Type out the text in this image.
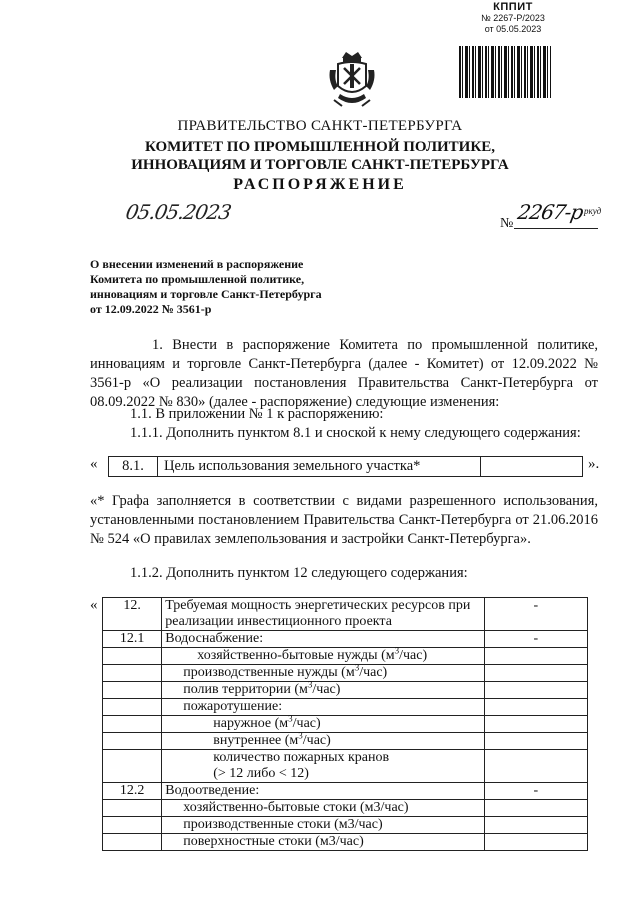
КППИТ
№ 2267-Р/2023
от 05.05.2023
ПРАВИТЕЛЬСТВО САНКТ-ПЕТЕРБУРГА
КОМИТЕТ ПО ПРОМЫШЛЕННОЙ ПОЛИТИКЕ,
ИННОВАЦИЯМ И ТОРГОВЛЕ САНКТ-ПЕТЕРБУРГА
РАСПОРЯЖЕНИЕ
05.05.2023	№ 2267-р ркуд
О внесении изменений в распоряжение
Комитета по промышленной политике,
инновациям и торговле Санкт-Петербурга
от 12.09.2022 № 3561-р
1. Внести в распоряжение Комитета по промышленной политике, инновациям и торговле Санкт-Петербурга (далее - Комитет) от 12.09.2022 № 3561-р «О реализации постановления Правительства Санкт-Петербурга от 08.09.2022 № 830» (далее - распоряжение) следующие изменения:
1.1. В приложении № 1 к распоряжению:
1.1.1. Дополнить пунктом 8.1 и сноской к нему следующего содержания:
«	8.1.	Цель использования земельного участка*	».
«* Графа заполняется в соответствии с видами разрешенного использования, установленными постановлением Правительства Санкт-Петербурга от 21.06.2016 № 524 «О правилах землепользования и застройки Санкт-Петербурга».
1.1.2. Дополнить пунктом 12 следующего содержания:
« 12.	Требуемая мощность энергетических ресурсов при реализации инвестиционного проекта	-
12.1	Водоснабжение:	-

	хозяйственно-бытовые нужды $(м^3/час)$	

	производственные нужды $(м^3/час)$	

	полив территории $(м^3/час)$	

	пожаротушение:	

	наружное $(м^3/час)$	

	внутреннее $(м^3/час)$	

	количество пожарных кранов
(> 12 либо < 12)	

12.2	Водоотведение:	-

	хозяйственно-бытовые стоки (м3/час)	

	производственные стоки (м3/час)	

	поверхностные стоки (м3/час)	
